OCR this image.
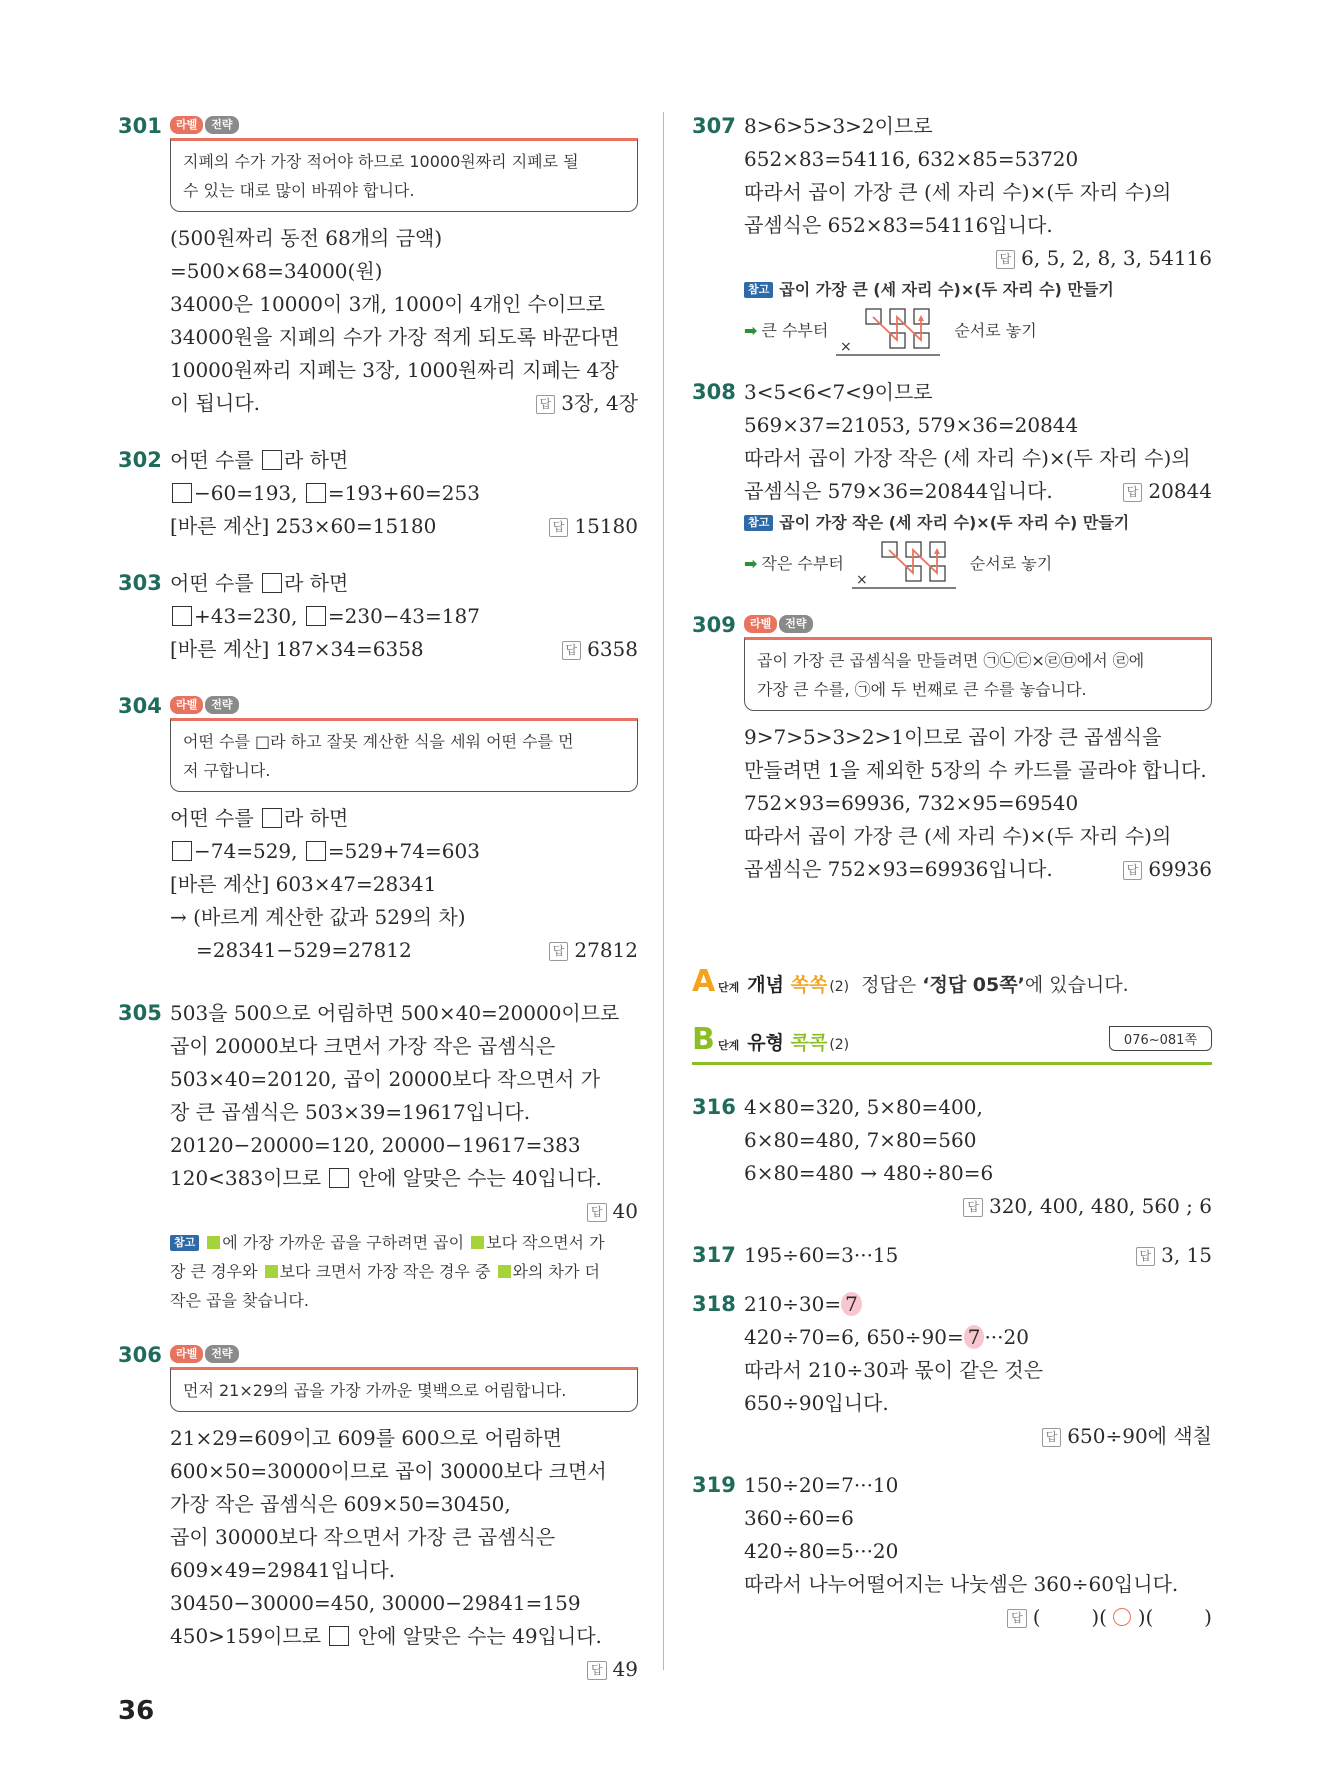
301	라벨 전략
지폐의 수가 가장 적어야 하므로 10000원짜리 지폐로 될
수 있는 대로 많이 바꿔야 합니다.
(500원짜리 동전 68개의 금액)
=500×68=34000(원)
34000은 10000이 3개, 1000이 4개인 수이므로
34000원을 지폐의 수가 가장 적게 되도록 바꾼다면
10000원짜리 지폐는 3장, 1000원짜리 지폐는 4장
이 됩니다.	답 3장, 4장
302 어떤 수를 라 하면
−60=193, =193+60=253
[바른 계산] 253×60=15180	답 15180
303 어떤 수를 라 하면
+43=230, =230−43=187
[바른 계산] 187×34=6358	답 6358
304	라벨 전략
어떤 수를 □라 하고 잘못 계산한 식을 세워 어떤 수를 먼
저 구합니다.
어떤 수를 라 하면
−74=529, =529+74=603
[바른 계산] 603×47=28341
→ (바르게 계산한 값과 529의 차)
=28341−529=27812	답 27812
305 503을 500으로 어림하면 500×40=20000이므로
곱이 20000보다 크면서 가장 작은 곱셈식은
503×40=20120, 곱이 20000보다 작으면서 가
장 큰 곱셈식은 503×39=19617입니다.
20120−20000=120, 20000−19617=383
120<383이므로  안에 알맞은 수는 40입니다.
답 40
참고 에 가장 가까운 곱을 구하려면 곱이 보다 작으면서 가
장 큰 경우와 보다 크면서 가장 작은 경우 중 와의 차가 더
작은 곱을 찾습니다.
306	라벨 전략
먼저 21×29의 곱을 가장 가까운 몇백으로 어림합니다.
21×29=609이고 609를 600으로 어림하면
600×50=30000이므로 곱이 30000보다 크면서
가장 작은 곱셈식은 609×50=30450,
곱이 30000보다 작으면서 가장 큰 곱셈식은
609×49=29841입니다.
30450−30000=450, 30000−29841=159
450>159이므로  안에 알맞은 수는 49입니다.
답 49
307 8>6>5>3>2이므로
652×83=54116, 632×85=53720
따라서 곱이 가장 큰 (세 자리 수)×(두 자리 수)의
곱셈식은 652×83=54116입니다.
답 6, 5, 2, 8, 3, 54116
참고 곱이 가장 큰 (세 자리 수)×(두 자리 수) 만들기
➡ 큰 수부터
×
순서로 놓기
308 3<5<6<7<9이므로
569×37=21053, 579×36=20844
따라서 곱이 가장 작은 (세 자리 수)×(두 자리 수)의
곱셈식은 579×36=20844입니다.	답 20844
참고 곱이 가장 작은 (세 자리 수)×(두 자리 수) 만들기
➡ 작은 수부터
×
순서로 놓기
309	라벨 전략
곱이 가장 큰 곱셈식을 만들려면 ㉠㉡㉢×㉣㉤에서 ㉣에
가장 큰 수를, ㉠에 두 번째로 큰 수를 놓습니다.
9>7>5>3>2>1이므로 곱이 가장 큰 곱셈식을
만들려면 1을 제외한 5장의 수 카드를 골라야 합니다.
752×93=69936, 732×95=69540
따라서 곱이 가장 큰 (세 자리 수)×(두 자리 수)의
곱셈식은 752×93=69936입니다.	답 69936
A단계 개념 쏙쏙 (2) 정답은 ‘정답 05쪽’에 있습니다.
B단계 유형 콕콕 (2)	076~081쪽
316 4×80=320, 5×80=400,
6×80=480, 7×80=560
6×80=480 → 480÷80=6
답 320, 400, 480, 560 ; 6
317 195÷60=3···15	답 3, 15
318 210÷30= 7
420÷70=6, 650÷90= 7 ···20
따라서 210÷30과 몫이 같은 것은
650÷90입니다.
답 650÷90에 색칠
319 150÷20=7···10
360÷60=6
420÷80=5···20
따라서 나누어떨어지는 나눗셈은 360÷60입니다.
답 (        )( ○ )(        )
36
